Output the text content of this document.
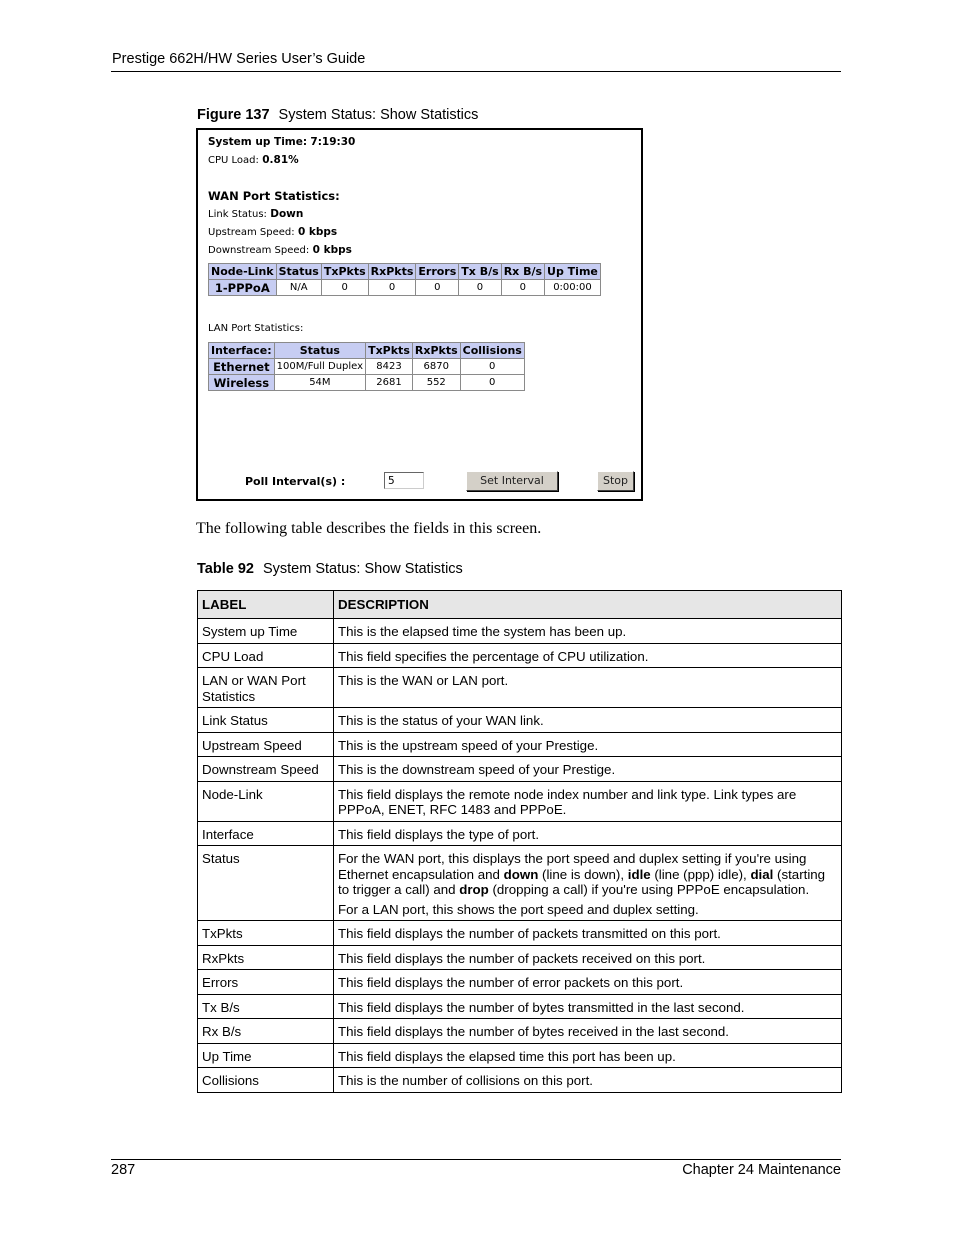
Prestige 662H/HW Series User’s Guide
Figure 137 System Status: Show Statistics
System up Time: 7:19:30
CPU Load: 0.81%
WAN Port Statistics:
Link Status: Down
Upstream Speed: 0 kbps
Downstream Speed: 0 kbps
Node-Link	Status	TxPkts	RxPkts	Errors	Tx B/s	Rx B/s	Up Time
1-PPPoA	N/A	0	0	0	0	0	0:00:00
LAN Port Statistics:
Interface:	Status	TxPkts	RxPkts	Collisions
Ethernet	100M/Full Duplex	8423	6870	0
Wireless	54M	2681	552	0
Poll Interval(s) :	5	Set Interval	Stop
The following table describes the fields in this screen.
Table 92 System Status: Show Statistics
LABEL	DESCRIPTION
System up Time	This is the elapsed time the system has been up.
CPU Load	This field specifies the percentage of CPU utilization.
LAN or WAN Port Statistics	This is the WAN or LAN port.
Link Status	This is the status of your WAN link.
Upstream Speed	This is the upstream speed of your Prestige.
Downstream Speed	This is the downstream speed of your Prestige.
Node-Link	This field displays the remote node index number and link type. Link types are PPPoA, ENET, RFC 1483 and PPPoE.
Interface	This field displays the type of port.
Status	For the WAN port, this displays the port speed and duplex setting if you're using Ethernet encapsulation and down (line is down), idle (line (ppp) idle), dial (starting to trigger a call) and drop (dropping a call) if you're using PPPoE encapsulation.

For a LAN port, this shows the port speed and duplex setting.

TxPkts	This field displays the number of packets transmitted on this port.
RxPkts	This field displays the number of packets received on this port.
Errors	This field displays the number of error packets on this port.
Tx B/s	This field displays the number of bytes transmitted in the last second.
Rx B/s	This field displays the number of bytes received in the last second.
Up Time	This field displays the elapsed time this port has been up.
Collisions	This is the number of collisions on this port.
287	Chapter 24 Maintenance
